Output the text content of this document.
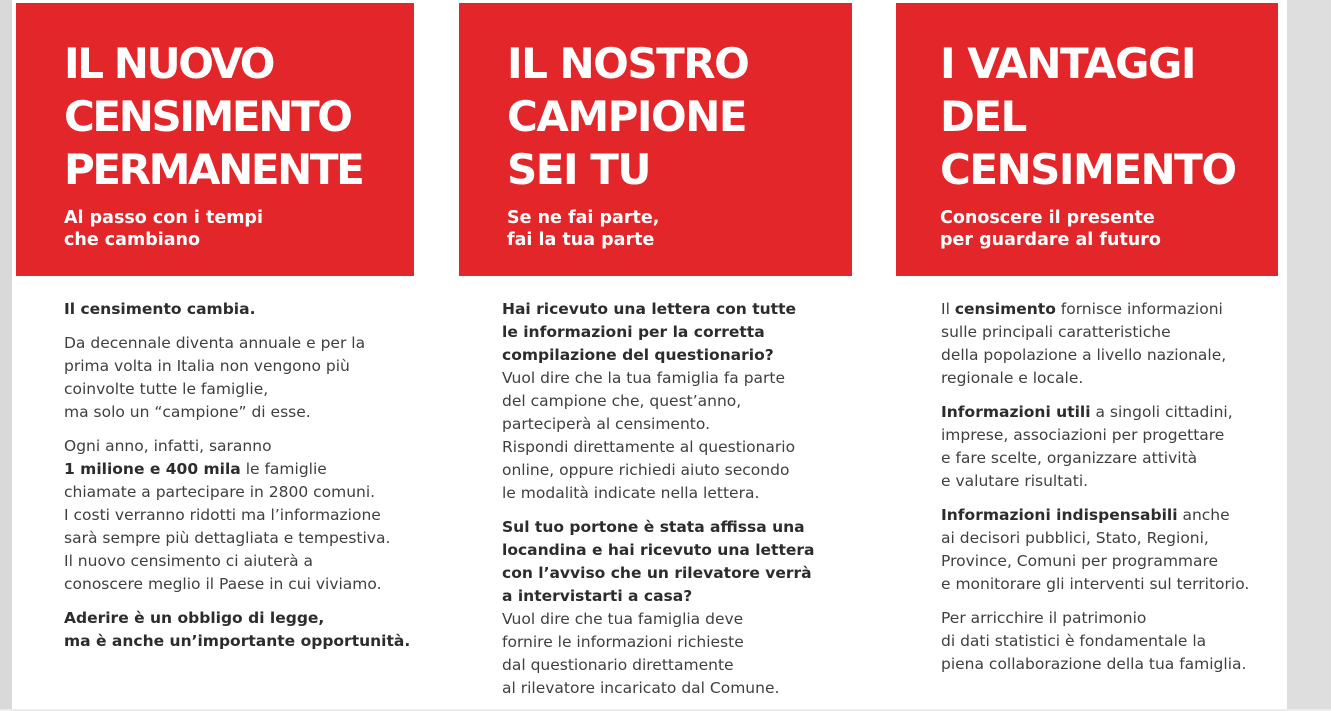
IL NUOVO
CENSIMENTO
PERMANENTE

Al passo con i tempi
che cambiano

Il censimento cambia.

Da decennale diventa annuale e per la
prima volta in Italia non vengono più
coinvolte tutte le famiglie,
ma solo un “campione” di esse.

Ogni anno, infatti, saranno
1 milione e 400 mila le famiglie
chiamate a partecipare in 2800 comuni.
I costi verranno ridotti ma l’informazione
sarà sempre più dettagliata e tempestiva.
Il nuovo censimento ci aiuterà a
conoscere meglio il Paese in cui viviamo.

Aderire è un obbligo di legge,
ma è anche un’importante opportunità.

IL NOSTRO
CAMPIONE
SEI TU

Se ne fai parte,
fai la tua parte

Hai ricevuto una lettera con tutte
le informazioni per la corretta
compilazione del questionario?
Vuol dire che la tua famiglia fa parte
del campione che, quest’anno,
parteciperà al censimento.
Rispondi direttamente al questionario
online, oppure richiedi aiuto secondo
le modalità indicate nella lettera.

Sul tuo portone è stata affissa una
locandina e hai ricevuto una lettera
con l’avviso che un rilevatore verrà
a intervistarti a casa?
Vuol dire che tua famiglia deve
fornire le informazioni richieste
dal questionario direttamente
al rilevatore incaricato dal Comune.

I VANTAGGI
DEL
CENSIMENTO

Conoscere il presente
per guardare al futuro

Il censimento fornisce informazioni
sulle principali caratteristiche
della popolazione a livello nazionale,
regionale e locale.

Informazioni utili a singoli cittadini,
imprese, associazioni per progettare
e fare scelte, organizzare attività
e valutare risultati.

Informazioni indispensabili anche
ai decisori pubblici, Stato, Regioni,
Province, Comuni per programmare
e monitorare gli interventi sul territorio.

Per arricchire il patrimonio
di dati statistici è fondamentale la
piena collaborazione della tua famiglia.
